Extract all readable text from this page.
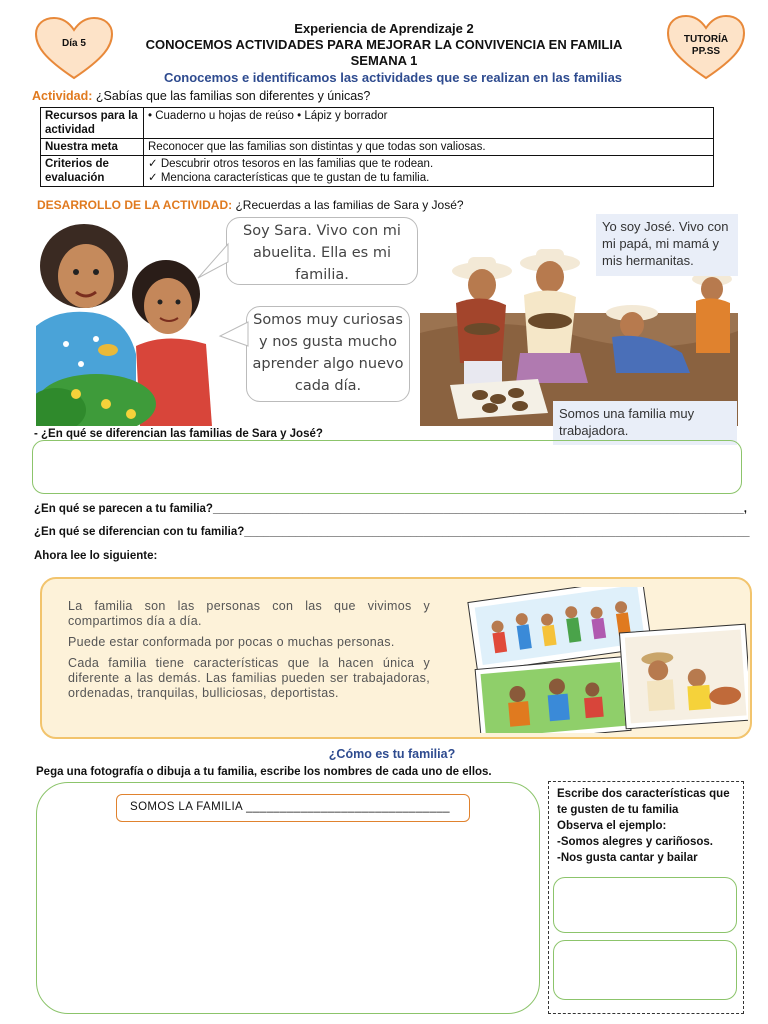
Día 5	TUTORÍA
PP.SS
Experiencia de Aprendizaje 2
CONOCEMOS ACTIVIDADES PARA MEJORAR LA CONVIVENCIA EN FAMILIA
SEMANA 1
Conocemos e identificamos las actividades que se realizan en las familias
Actividad: ¿Sabías que las familias son diferentes y únicas?
Recursos para la actividad	• Cuaderno u hojas de reúso • Lápiz y borrador
Nuestra meta	Reconocer que las familias son distintas y que todas son valiosas.
Criterios de evaluación	✓ Descubrir otros tesoros en las familias que te rodean.
✓ Menciona características que te gustan de tu familia.
DESARROLLO DE LA ACTIVIDAD: ¿Recuerdas a las familias de Sara y José?
Soy Sara. Vivo con mi abuelita. Ella es mi familia.
Somos muy curiosas y nos gusta mucho aprender algo nuevo cada día.
Yo soy José. Vivo con mi papá, mi mamá y mis hermanitas.
Somos una familia muy trabajadora.
- ¿En qué se diferencian las familias de Sara y José?
¿En qué se parecen a tu familia?___________________________________________________________________________________,
¿En qué se diferencian con tu familia?_______________________________________________________________________________
Ahora lee lo siguiente:

La familia son las personas con las que vivimos y compartimos día a día.

Puede estar conformada por pocas o muchas personas.

Cada familia tiene características que la hacen única y diferente a las demás. Las familias pueden ser trabajadoras, ordenadas, tranquilas, bulliciosas, deportistas.

¿Cómo es tu familia?
Pega una fotografía o dibuja a tu familia, escribe los nombres de cada uno de ellos.
SOMOS LA FAMILIA ______________________________
Escribe dos características que te gusten de tu familia
Observa el ejemplo:
-Somos alegres y cariñosos.
-Nos gusta cantar y bailar
